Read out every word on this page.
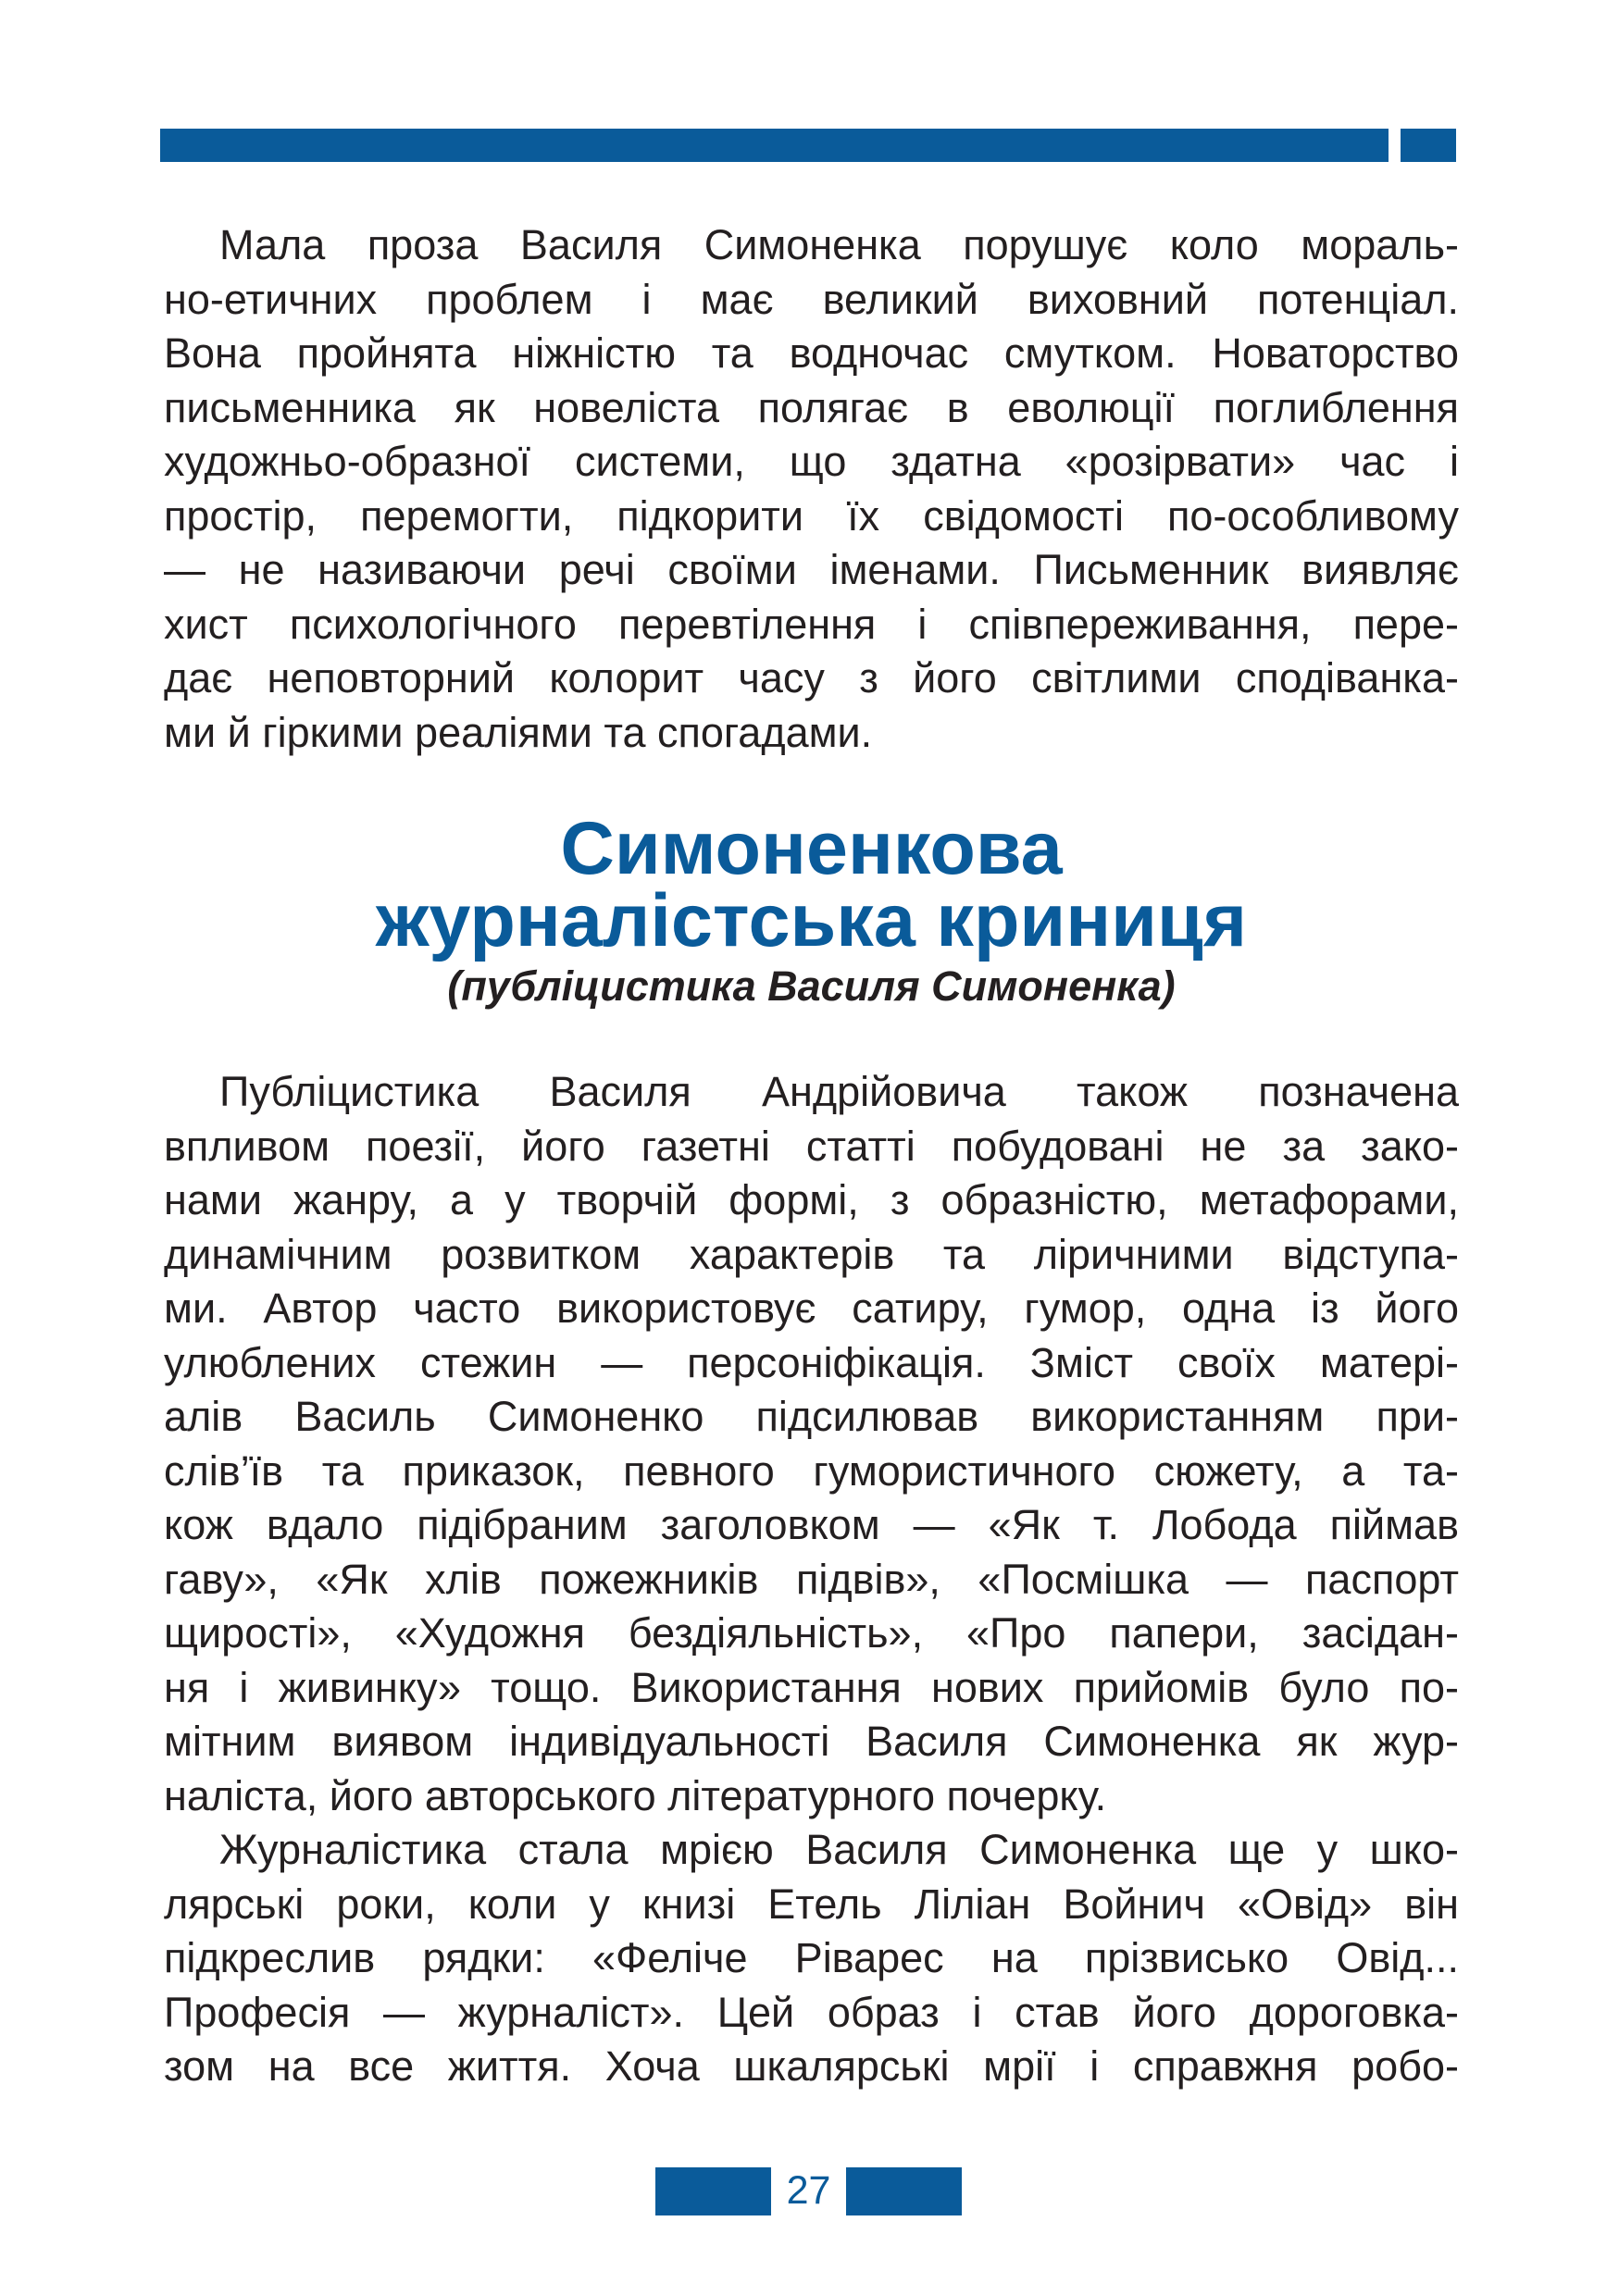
Мала проза Василя Симоненка порушує коло мораль-
но-етичних проблем і має великий виховний потенціал.
Вона пройнята ніжністю та водночас смутком. Новаторство
письменника як новеліста полягає в еволюції поглиблення
художньо-образної системи, що здатна «розірвати» час і
простір, перемогти, підкорити їх свідомості по-особливому
— не називаючи речі своїми іменами. Письменник виявляє
хист психологічного перевтілення і співпереживання, пере-
дає неповторний колорит часу з його світлими сподіванка-
ми й гіркими реаліями та спогадами.
Симоненкова
журналістська криниця
(публіцистика Василя Симоненка)
Публіцистика Василя Андрійовича також позначена
впливом поезії, його газетні статті побудовані не за зако-
нами жанру, а у творчій формі, з образністю, метафорами,
динамічним розвитком характерів та ліричними відступа-
ми. Автор часто використовує сатиру, гумор, одна із його
улюблених стежин — персоніфікація. Зміст своїх матері-
алів Василь Симоненко підсилював використанням при-
слів’їв та приказок, певного гумористичного сюжету, а та-
кож вдало підібраним заголовком — «Як т. Лобода піймав
гаву», «Як хлів пожежників підвів», «Посмішка — паспорт
щирості», «Художня бездіяльність», «Про папери, засідан-
ня і живинку» тощо. Використання нових прийомів було по-
мітним виявом індивідуальності Василя Симоненка як жур-
наліста, його авторського літературного почерку.
Журналістика стала мрією Василя Симоненка ще у шко-
лярські роки, коли у книзі Етель Ліліан Войнич «Овід» він
підкреслив рядки: «Феліче Ріварес на прізвисько Овід...
Професія — журналіст». Цей образ і став його дороговка-
зом на все життя. Хоча шкалярські мрії і справжня робо-
27
